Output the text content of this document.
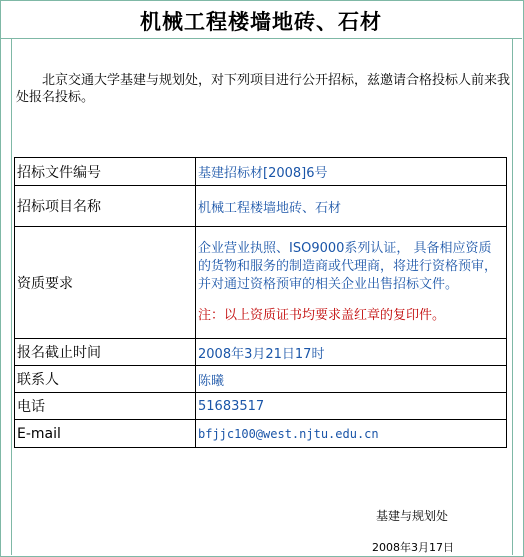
机械工程楼墙地砖、石材
北京交通大学基建与规划处，对下列项目进行公开招标，兹邀请合格投标人前来我处报名投标。
招标文件编号	基建招标材[2008]6号
招标项目名称	机械工程楼墙地砖、石材
资质要求	企业营业执照、ISO9000系列认证， 具备相应资质的货物和服务的制造商或代理商，将进行资格预审，并对通过资格预审的相关企业出售招标文件。
注：以上资质证书均要求盖红章的复印件。

报名截止时间	2008年3月21日17时
联系人	陈曦
电话	51683517
E-mail	bfjjc100@west.njtu.edu.cn
基建与规划处
2008年3月17日
